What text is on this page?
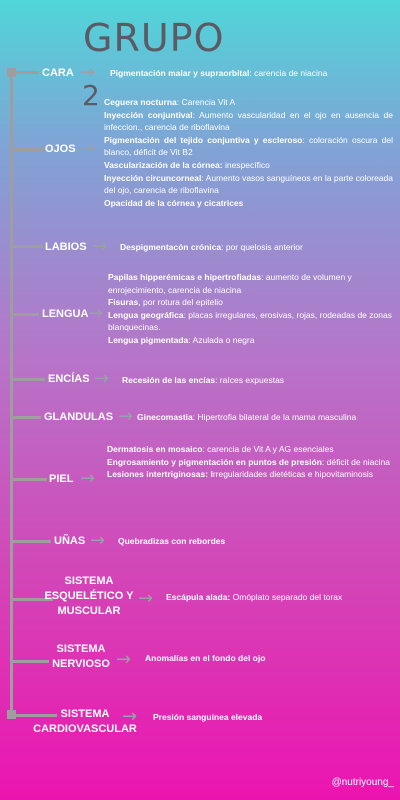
GRUPO
2
CARA → Pigmentación malar y supraorbital: carencia de niacina
OJOS →
Ceguera nocturna: Carencia Vit A
Inyección conjuntival: Aumento vascularidad en el ojo en ausencia de infeccion., carencia de riboflavina
Pigmentación del tejido conjuntiva y escleroso: coloración oscura del blanco, déficit de Vit B2
Vascularización de la córnea: inespecífico
Inyección circuncorneal: Aumento vasos sanguíneos en la parte coloreada del ojo, carencia de riboflavina
Opacidad de la córnea y cicatrices
LABIOS → Despigmentacón crónica: por quelosis anterior
LENGUA →
Papilas hipperémicas e hipertrofiadas: aumento de volumen y enrojecimiento, carencia de niacina
Fisuras, por rotura del epitelio
Lengua geográfica: placas irregulares, erosivas, rojas, rodeadas de zonas blanquecinas.
Lengua pigmentada: Azulada o negra
ENCÍAS → Recesión de las encías: raíces expuestas
GLANDULAS → Ginecomastia: Hipertrofia bilateral de la mama masculina
PIEL →
Dermatosis en mosaico: carencia de Vit A y AG esenciales
Engrosamiento y pigmentación en puntos de presión: déficit de niacina
Lesiones intertriginosas: Irregularidades dietéticas e hipovitaminosis
UÑAS → Quebradizas con rebordes
SISTEMA ESQUELÉTICO Y MUSCULAR
→ Escápula alada: Omóplato separado del torax
SISTEMA NERVIOSO → Anomalías en el fondo del ojo
SISTEMA CARDIOVASCULAR
→ Presión sanguínea elevada
@nutriyoung_
